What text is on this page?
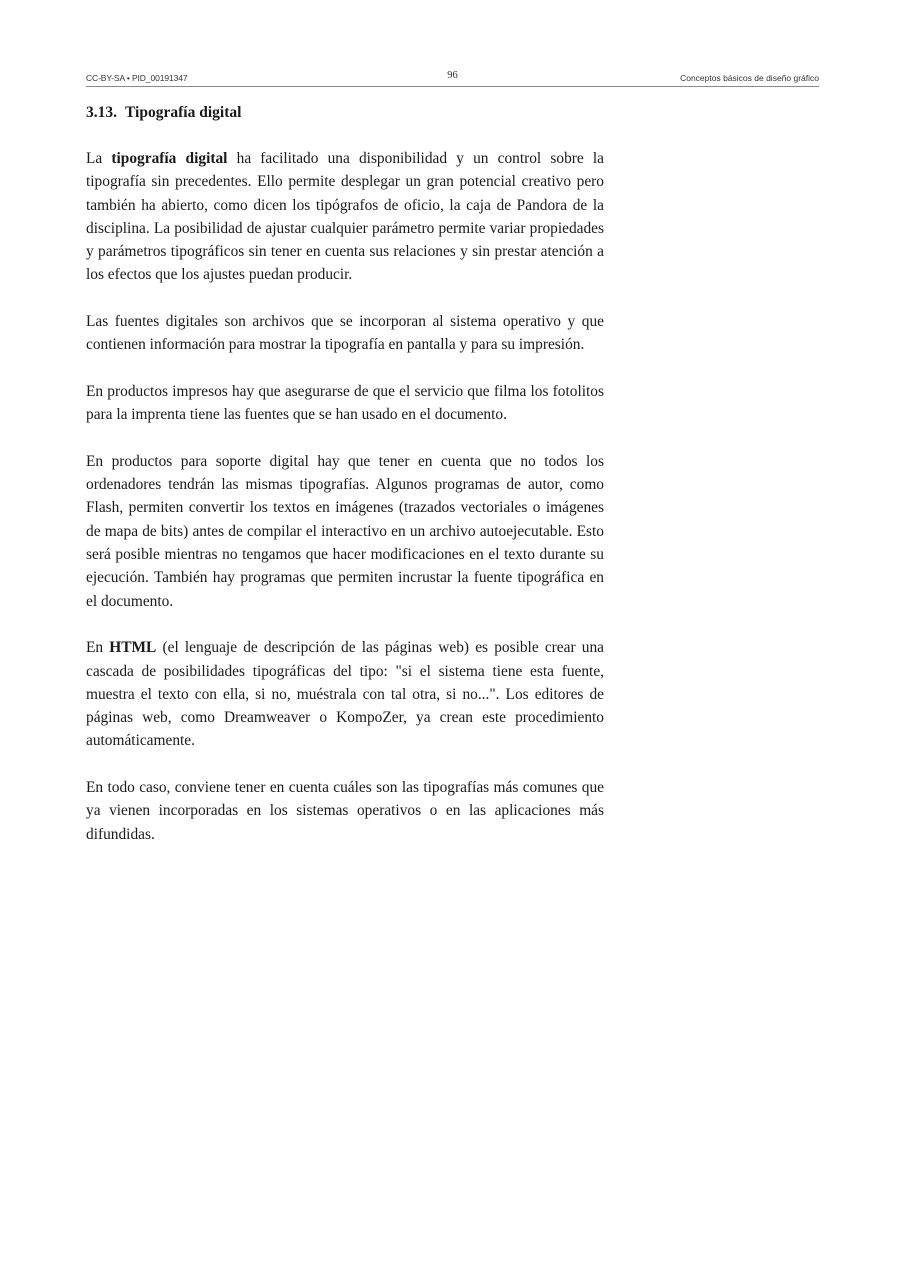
CC-BY-SA • PID_00191347	96	Conceptos básicos de diseño gráfico
3.13. Tipografía digital

La tipografía digital ha facilitado una disponibilidad y un control sobre la tipografía sin precedentes. Ello permite desplegar un gran potencial creativo pero también ha abierto, como dicen los tipógrafos de oficio, la caja de Pandora de la disciplina. La posibilidad de ajustar cualquier parámetro permite variar propiedades y parámetros tipográficos sin tener en cuenta sus relaciones y sin prestar atención a los efectos que los ajustes puedan producir.

Las fuentes digitales son archivos que se incorporan al sistema operativo y que contienen información para mostrar la tipografía en pantalla y para su impresión.

En productos impresos hay que asegurarse de que el servicio que filma los fotolitos para la imprenta tiene las fuentes que se han usado en el documento.

En productos para soporte digital hay que tener en cuenta que no todos los ordenadores tendrán las mismas tipografías. Algunos programas de autor, como Flash, permiten convertir los textos en imágenes (trazados vectoriales o imágenes de mapa de bits) antes de compilar el interactivo en un archivo autoejecutable. Esto será posible mientras no tengamos que hacer modificaciones en el texto durante su ejecución. También hay programas que permiten incrustar la fuente tipográfica en el documento.

En HTML (el lenguaje de descripción de las páginas web) es posible crear una cascada de posibilidades tipográficas del tipo: "si el sistema tiene esta fuente, muestra el texto con ella, si no, muéstrala con tal otra, si no...". Los editores de páginas web, como Dreamweaver o KompoZer, ya crean este procedimiento automáticamente.

En todo caso, conviene tener en cuenta cuáles son las tipografías más comunes que ya vienen incorporadas en los sistemas operativos o en las aplicaciones más difundidas.
